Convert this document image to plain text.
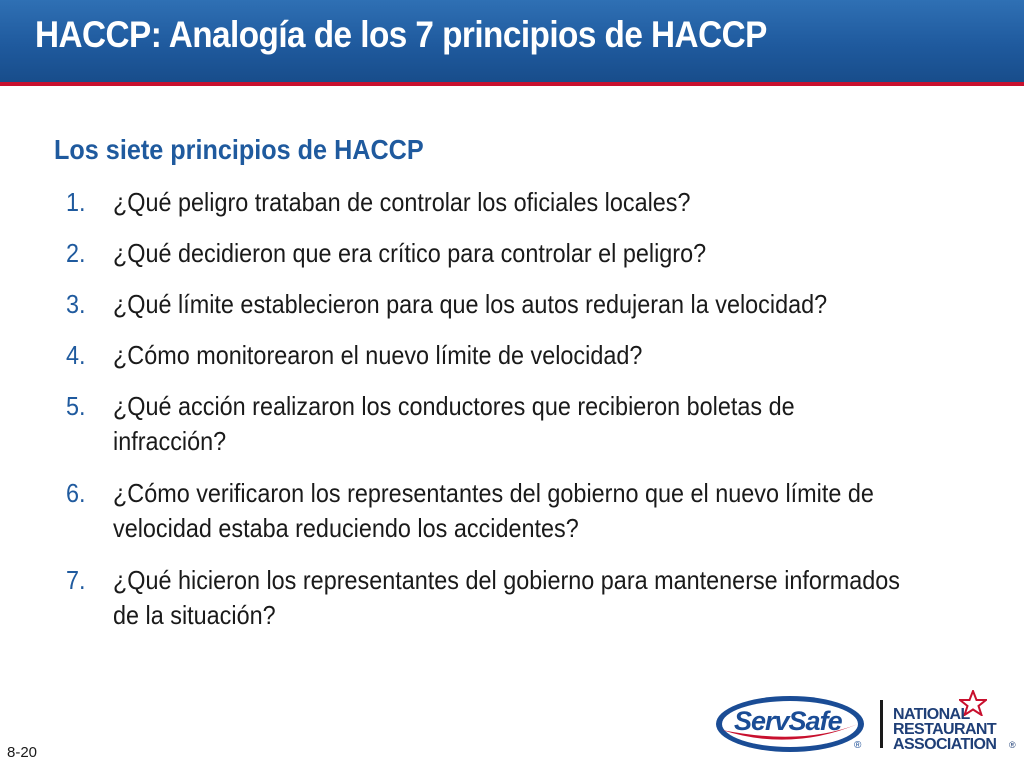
HACCP: Analogía de los 7 principios de HACCP
Los siete principios de HACCP
1. ¿Qué peligro trataban de controlar los oficiales locales?
2. ¿Qué decidieron que era crítico para controlar el peligro?
3. ¿Qué límite establecieron para que los autos redujeran la velocidad?
4. ¿Cómo monitorearon el nuevo límite de velocidad?
5. ¿Qué acción realizaron los conductores que recibieron boletas de infracción?
6. ¿Cómo verificaron los representantes del gobierno que el nuevo límite de velocidad estaba reduciendo los accidentes?
7. ¿Qué hicieron los representantes del gobierno para mantenerse informados de la situación?
8-20
ServSafe
®
NATIONAL
RESTAURANT
ASSOCIATION ®
